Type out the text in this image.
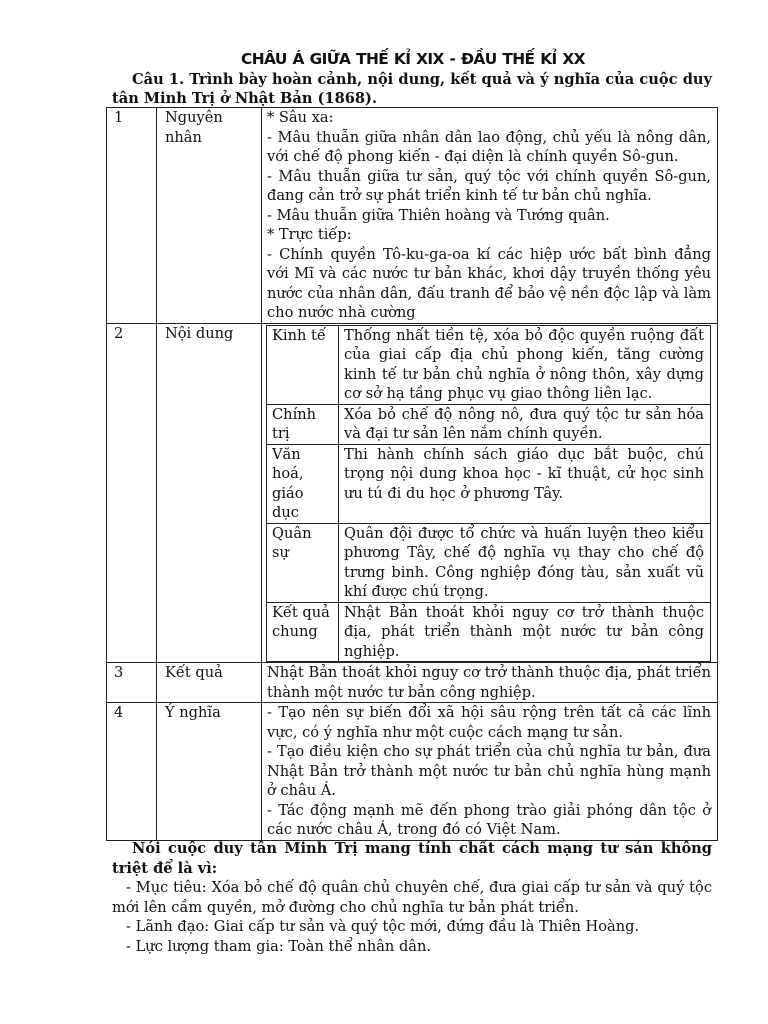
CHÂU Á GIỮA THẾ KỈ XIX - ĐẦU THẾ KỈ XX
Câu 1. Trình bày hoàn cảnh, nội dung, kết quả và ý nghĩa của cuộc duy tân Minh Trị ở Nhật Bản (1868).
1	Nguyên nhân	

* Sâu xa:

- Mâu thuẫn giữa nhân dân lao động, chủ yếu là nông dân, với chế độ phong kiến - đại diện là chính quyền Sô-gun.

- Mâu thuẫn giữa tư sản, quý tộc với chính quyền Sô-gun, đang cản trở sự phát triển kinh tế tư bản chủ nghĩa.

- Mâu thuẫn giữa Thiên hoàng và Tướng quân.

* Trực tiếp:

- Chính quyền Tô-ku-ga-oa kí các hiệp ước bất bình đẳng với Mĩ và các nước tư bản khác, khơi dậy truyền thống yêu nước của nhân dân, đấu tranh để bảo vệ nền độc lập và làm cho nước nhà cường

2	Nội dung		Kinh tế	Thống nhất tiền tệ, xóa bỏ độc quyền ruộng đất của giai cấp địa chủ phong kiến, tăng cường kinh tế tư bản chủ nghĩa ở nông thôn, xây dựng cơ sở hạ tầng phục vụ giao thông liên lạc.
Chính trị	Xóa bỏ chế độ nông nô, đưa quý tộc tư sản hóa và đại tư sản lên nắm chính quyền.
Văn hoá, giáo dục	Thi hành chính sách giáo dục bắt buộc, chú trọng nội dung khoa học - kĩ thuật, cử học sinh ưu tú đi du học ở phương Tây.
Quân sự	Quân đội được tổ chức và huấn luyện theo kiểu phương Tây, chế độ nghĩa vụ thay cho chế độ trưng binh. Công nghiệp đóng tàu, sản xuất vũ khí được chú trọng.
Kết quả chung	Nhật Bản thoát khỏi nguy cơ trở thành thuộc địa, phát triển thành một nước tư bản công nghiệp.

3	Kết quả	Nhật Bản thoát khỏi nguy cơ trở thành thuộc địa, phát triển thành một nước tư bản công nghiệp.
4	Ý nghĩa	- Tạo nên sự biến đổi xã hội sâu rộng trên tất cả các lĩnh vực, có ý nghĩa như một cuộc cách mạng tư sản.

- Tạo điều kiện cho sự phát triển của chủ nghĩa tư bản, đưa Nhật Bản trở thành một nước tư bản chủ nghĩa hùng mạnh ở châu Á.

- Tác động mạnh mẽ đến phong trào giải phóng dân tộc ở các nước châu Á, trong đó có Việt Nam.

Nói cuộc duy tân Minh Trị mang tính chất cách mạng tư sản không triệt để là vì:

- Mục tiêu: Xóa bỏ chế độ quân chủ chuyên chế, đưa giai cấp tư sản và quý tộc mới lên cầm quyền, mở đường cho chủ nghĩa tư bản phát triển.

- Lãnh đạo: Giai cấp tư sản và quý tộc mới, đứng đầu là Thiên Hoàng.

- Lực lượng tham gia: Toàn thể nhân dân.
